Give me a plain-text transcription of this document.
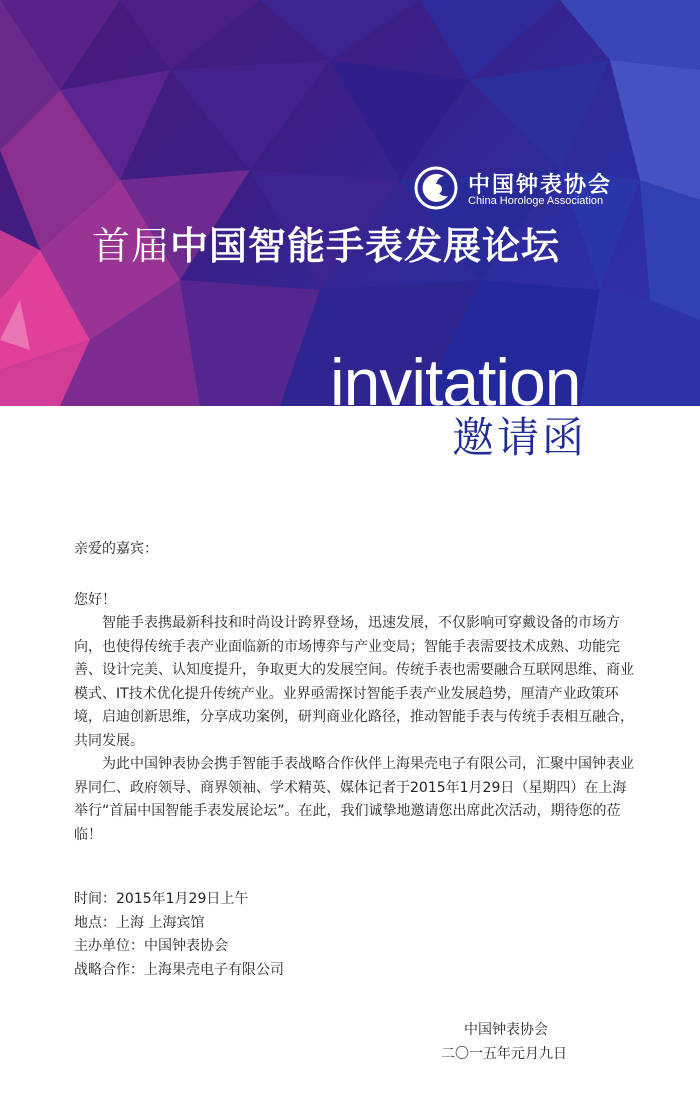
中国钟表协会
China Horologe Association
首届中国智能手表发展论坛
invitation
邀请函

亲爱的嘉宾：

您好！

智能手表携最新科技和时尚设计跨界登场，迅速发展，不仅影响可穿戴设备的市场方向，也使得传统手表产业面临新的市场博弈与产业变局；智能手表需要技术成熟、功能完善、设计完美、认知度提升，争取更大的发展空间。传统手表也需要融合互联网思维、商业模式、IT技术优化提升传统产业。业界亟需探讨智能手表产业发展趋势，厘清产业政策环境，启迪创新思维，分享成功案例，研判商业化路径，推动智能手表与传统手表相互融合，共同发展。

为此中国钟表协会携手智能手表战略合作伙伴上海果壳电子有限公司，汇聚中国钟表业界同仁、政府领导、商界领袖、学术精英、媒体记者于2015年1月29日（星期四）在上海举行“首届中国智能手表发展论坛”。在此，我们诚挚地邀请您出席此次活动，期待您的莅临！

时间：2015年1月29日上午
地点：上海 上海宾馆
主办单位：中国钟表协会
战略合作：上海果壳电子有限公司
中国钟表协会
二〇一五年元月九日
